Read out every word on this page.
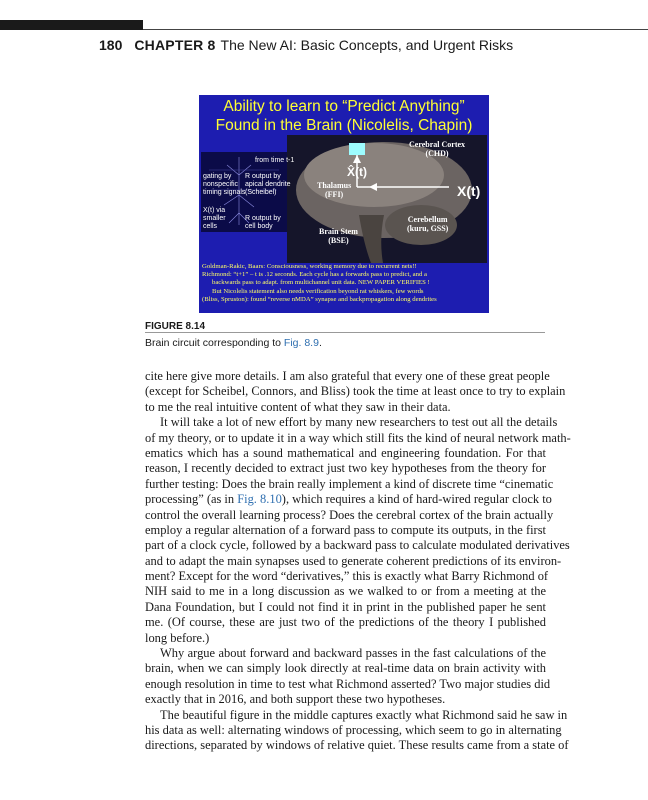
180 CHAPTER 8 The New AI: Basic Concepts, and Urgent Risks
Ability to learn to “Predict Anything”
Found in the Brain (Nicolelis, Chapin)
from time t-1
gating by
nonspecific
timing signals
R output by
apical dendrite
(Scheibel)
X(t) via
smaller
cells
R output by
cell body
Cerebral Cortex
(CHD)
Thalamus
(FFI)
Cerebellum
(kuru, GSS)
Brain Stem
(BSE)
X̂(t)
X(t)
Goldman-Rakic, Baars: Consciousness, working memory due to recurrent nets!!
Richmond: “t+1” – t is .12 seconds. Each cycle has a forwards pass to predict, and a
backwards pass to adapt. from multichannel unit data. NEW PAPER VERIFIES !
But Nicolelis statement also needs verification beyond rat whiskers, few words
(Bliss, Spruston): found “reverse nMDA” synapse and backpropagation along dendrites
FIGURE 8.14
Brain circuit corresponding to Fig. 8.9.
cite here give more details. I am also grateful that every one of these great people
(except for Scheibel, Connors, and Bliss) took the time at least once to try to explain
to me the real intuitive content of what they saw in their data.
It will take a lot of new effort by many new researchers to test out all the details
of my theory, or to update it in a way which still fits the kind of neural network math-
ematics which has a sound mathematical and engineering foundation. For that
reason, I recently decided to extract just two key hypotheses from the theory for
further testing: Does the brain really implement a kind of discrete time “cinematic
processing” (as in Fig. 8.10), which requires a kind of hard-wired regular clock to
control the overall learning process? Does the cerebral cortex of the brain actually
employ a regular alternation of a forward pass to compute its outputs, in the first
part of a clock cycle, followed by a backward pass to calculate modulated derivatives
and to adapt the main synapses used to generate coherent predictions of its environ-
ment? Except for the word “derivatives,” this is exactly what Barry Richmond of
NIH said to me in a long discussion as we walked to or from a meeting at the
Dana Foundation, but I could not find it in print in the published paper he sent
me. (Of course, these are just two of the predictions of the theory I published
long before.)
Why argue about forward and backward passes in the fast calculations of the
brain, when we can simply look directly at real-time data on brain activity with
enough resolution in time to test what Richmond asserted? Two major studies did
exactly that in 2016, and both support these two hypotheses.
The beautiful figure in the middle captures exactly what Richmond said he saw in
his data as well: alternating windows of processing, which seem to go in alternating
directions, separated by windows of relative quiet. These results came from a state of
